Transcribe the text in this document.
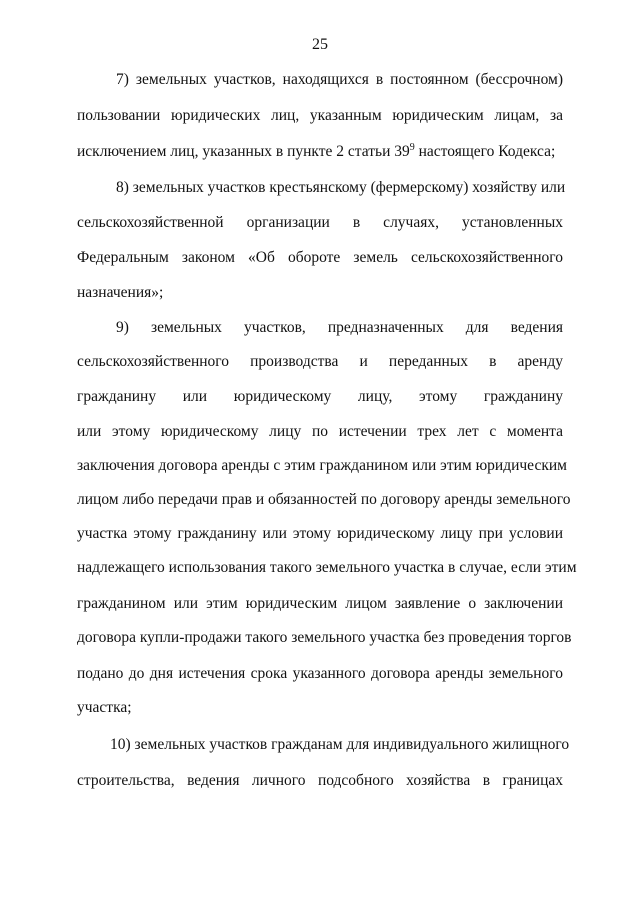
25
7) земельных участков, находящихся в постоянном (бессрочном)
пользовании юридических лиц, указанным юридическим лицам, за
исключением лиц, указанных в пункте 2 статьи $39^9$ настоящего Кодекса;
8) земельных участков крестьянскому (фермерскому) хозяйству или
сельскохозяйственной организации в случаях, установленных
Федеральным законом «Об обороте земель сельскохозяйственного
назначения»;
9) земельных участков, предназначенных для ведения
сельскохозяйственного производства и переданных в аренду
гражданину или юридическому лицу, этому гражданину
или этому юридическому лицу по истечении трех лет с момента
заключения договора аренды с этим гражданином или этим юридическим
лицом либо передачи прав и обязанностей по договору аренды земельного
участка этому гражданину или этому юридическому лицу при условии
надлежащего использования такого земельного участка в случае, если этим
гражданином или этим юридическим лицом заявление о заключении
договора купли-продажи такого земельного участка без проведения торгов
подано до дня истечения срока указанного договора аренды земельного
участка;
10) земельных участков гражданам для индивидуального жилищного
строительства, ведения личного подсобного хозяйства в границах
